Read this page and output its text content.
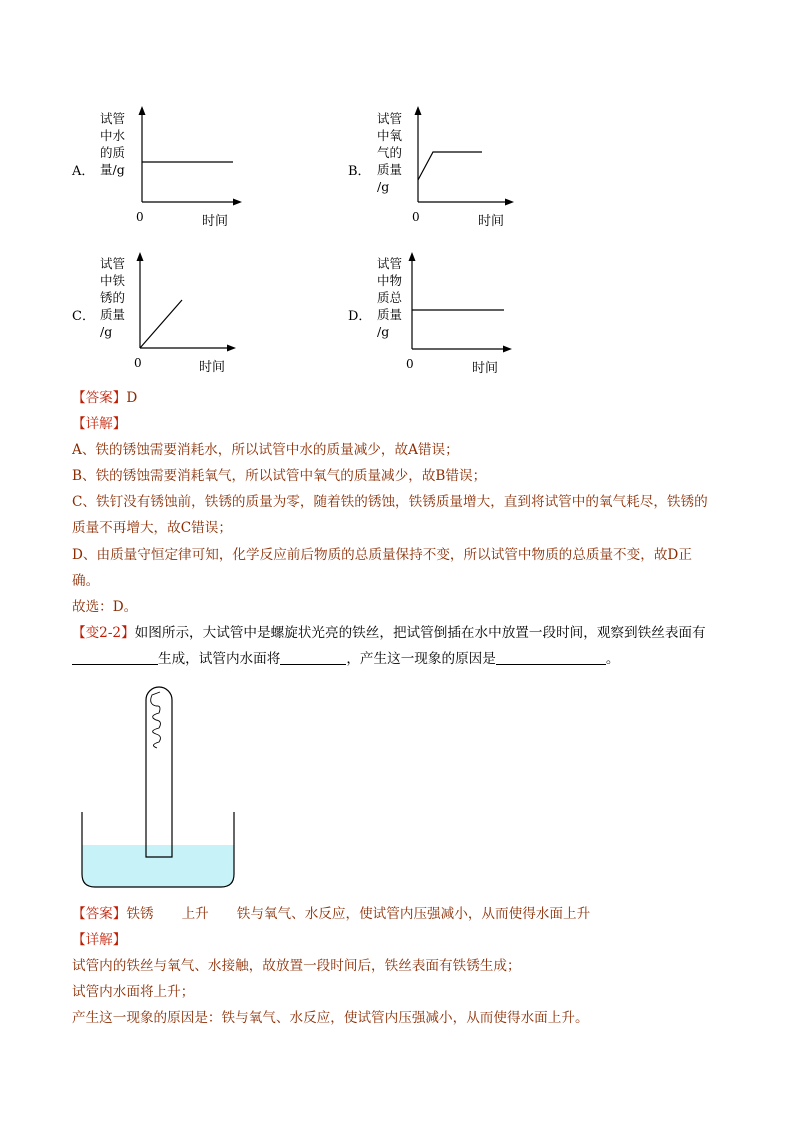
A．
试管
中水
的质
量/g
0	时间
B．
试管
中氧
气的
质量
/g
0	时间
C．
试管
中铁
锈的
质量
/g
0	时间
D．
试管
中物
质总
质量
/g
0	时间
【答案】D
【详解】
A、铁的锈蚀需要消耗水，所以试管中水的质量减少，故A错误；
B、铁的锈蚀需要消耗氧气，所以试管中氧气的质量减少，故B错误；
C、铁钉没有锈蚀前，铁锈的质量为零，随着铁的锈蚀，铁锈质量增大，直到将试管中的氧气耗尽，铁锈的
质量不再增大，故C错误；
D、由质量守恒定律可知，化学反应前后物质的总质量保持不变，所以试管中物质的总质量不变，故D正
确。
故选：D。
【变2-2】如图所示，大试管中是螺旋状光亮的铁丝，把试管倒插在水中放置一段时间，观察到铁丝表面有
生成，试管内水面将	，产生这一现象的原因是	。
【答案】铁锈 上升 铁与氧气、水反应，使试管内压强减小，从而使得水面上升
【详解】
试管内的铁丝与氧气、水接触，故放置一段时间后，铁丝表面有铁锈生成；
试管内水面将上升；
产生这一现象的原因是：铁与氧气、水反应，使试管内压强减小，从而使得水面上升。
